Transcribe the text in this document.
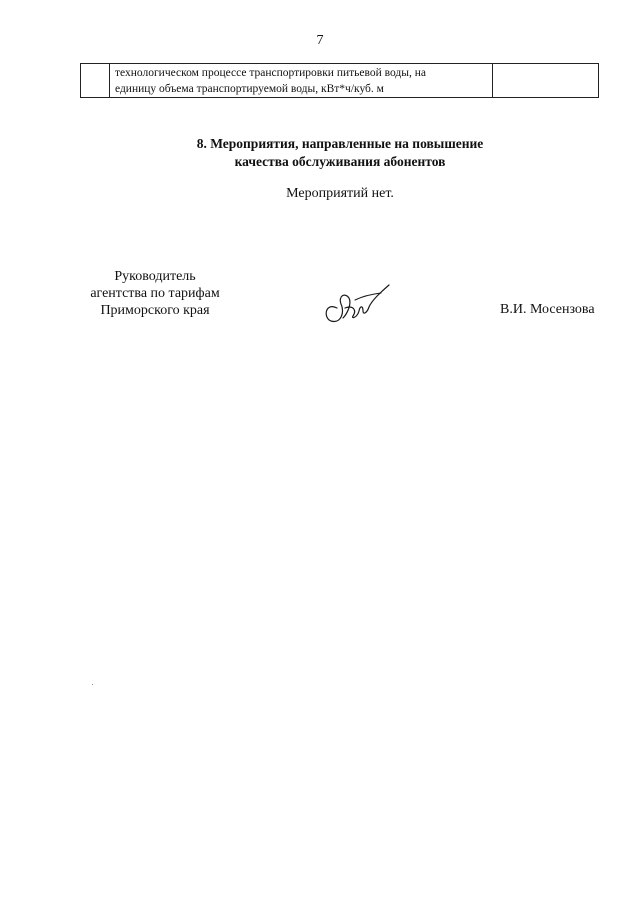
7

технологическом процессе транспортировки питьевой воды, на
единицу объема транспортируемой воды, кВт*ч/куб. м

8. Мероприятия, направленные на повышение
качества обслуживания абонентов
Мероприятий нет.
Руководитель
агентства по тарифам
Приморского края	В.И. Мосензова
